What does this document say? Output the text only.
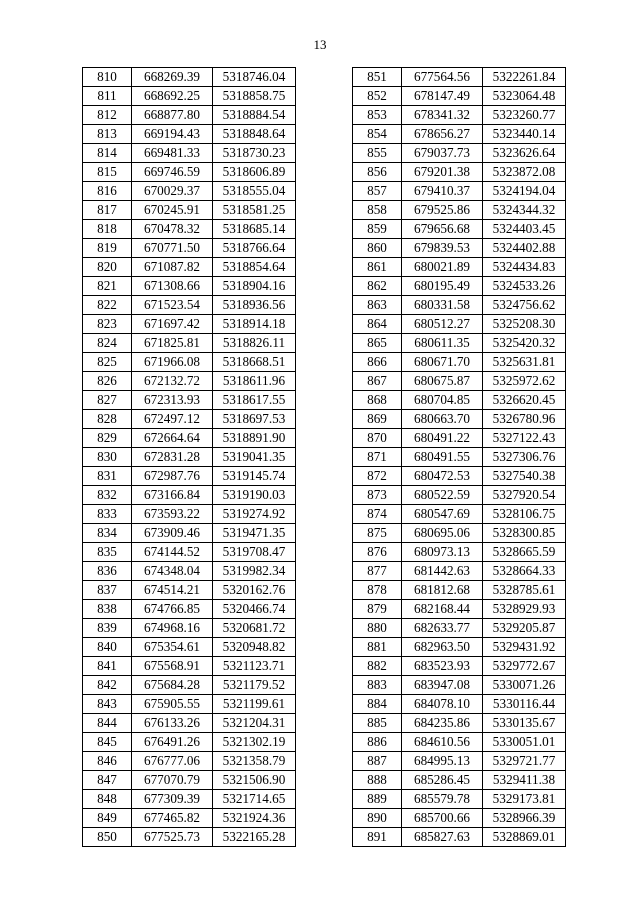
13
810	668269.39	5318746.04
811	668692.25	5318858.75
812	668877.80	5318884.54
813	669194.43	5318848.64
814	669481.33	5318730.23
815	669746.59	5318606.89
816	670029.37	5318555.04
817	670245.91	5318581.25
818	670478.32	5318685.14
819	670771.50	5318766.64
820	671087.82	5318854.64
821	671308.66	5318904.16
822	671523.54	5318936.56
823	671697.42	5318914.18
824	671825.81	5318826.11
825	671966.08	5318668.51
826	672132.72	5318611.96
827	672313.93	5318617.55
828	672497.12	5318697.53
829	672664.64	5318891.90
830	672831.28	5319041.35
831	672987.76	5319145.74
832	673166.84	5319190.03
833	673593.22	5319274.92
834	673909.46	5319471.35
835	674144.52	5319708.47
836	674348.04	5319982.34
837	674514.21	5320162.76
838	674766.85	5320466.74
839	674968.16	5320681.72
840	675354.61	5320948.82
841	675568.91	5321123.71
842	675684.28	5321179.52
843	675905.55	5321199.61
844	676133.26	5321204.31
845	676491.26	5321302.19
846	676777.06	5321358.79
847	677070.79	5321506.90
848	677309.39	5321714.65
849	677465.82	5321924.36
850	677525.73	5322165.28
851	677564.56	5322261.84
852	678147.49	5323064.48
853	678341.32	5323260.77
854	678656.27	5323440.14
855	679037.73	5323626.64
856	679201.38	5323872.08
857	679410.37	5324194.04
858	679525.86	5324344.32
859	679656.68	5324403.45
860	679839.53	5324402.88
861	680021.89	5324434.83
862	680195.49	5324533.26
863	680331.58	5324756.62
864	680512.27	5325208.30
865	680611.35	5325420.32
866	680671.70	5325631.81
867	680675.87	5325972.62
868	680704.85	5326620.45
869	680663.70	5326780.96
870	680491.22	5327122.43
871	680491.55	5327306.76
872	680472.53	5327540.38
873	680522.59	5327920.54
874	680547.69	5328106.75
875	680695.06	5328300.85
876	680973.13	5328665.59
877	681442.63	5328664.33
878	681812.68	5328785.61
879	682168.44	5328929.93
880	682633.77	5329205.87
881	682963.50	5329431.92
882	683523.93	5329772.67
883	683947.08	5330071.26
884	684078.10	5330116.44
885	684235.86	5330135.67
886	684610.56	5330051.01
887	684995.13	5329721.77
888	685286.45	5329411.38
889	685579.78	5329173.81
890	685700.66	5328966.39
891	685827.63	5328869.01
